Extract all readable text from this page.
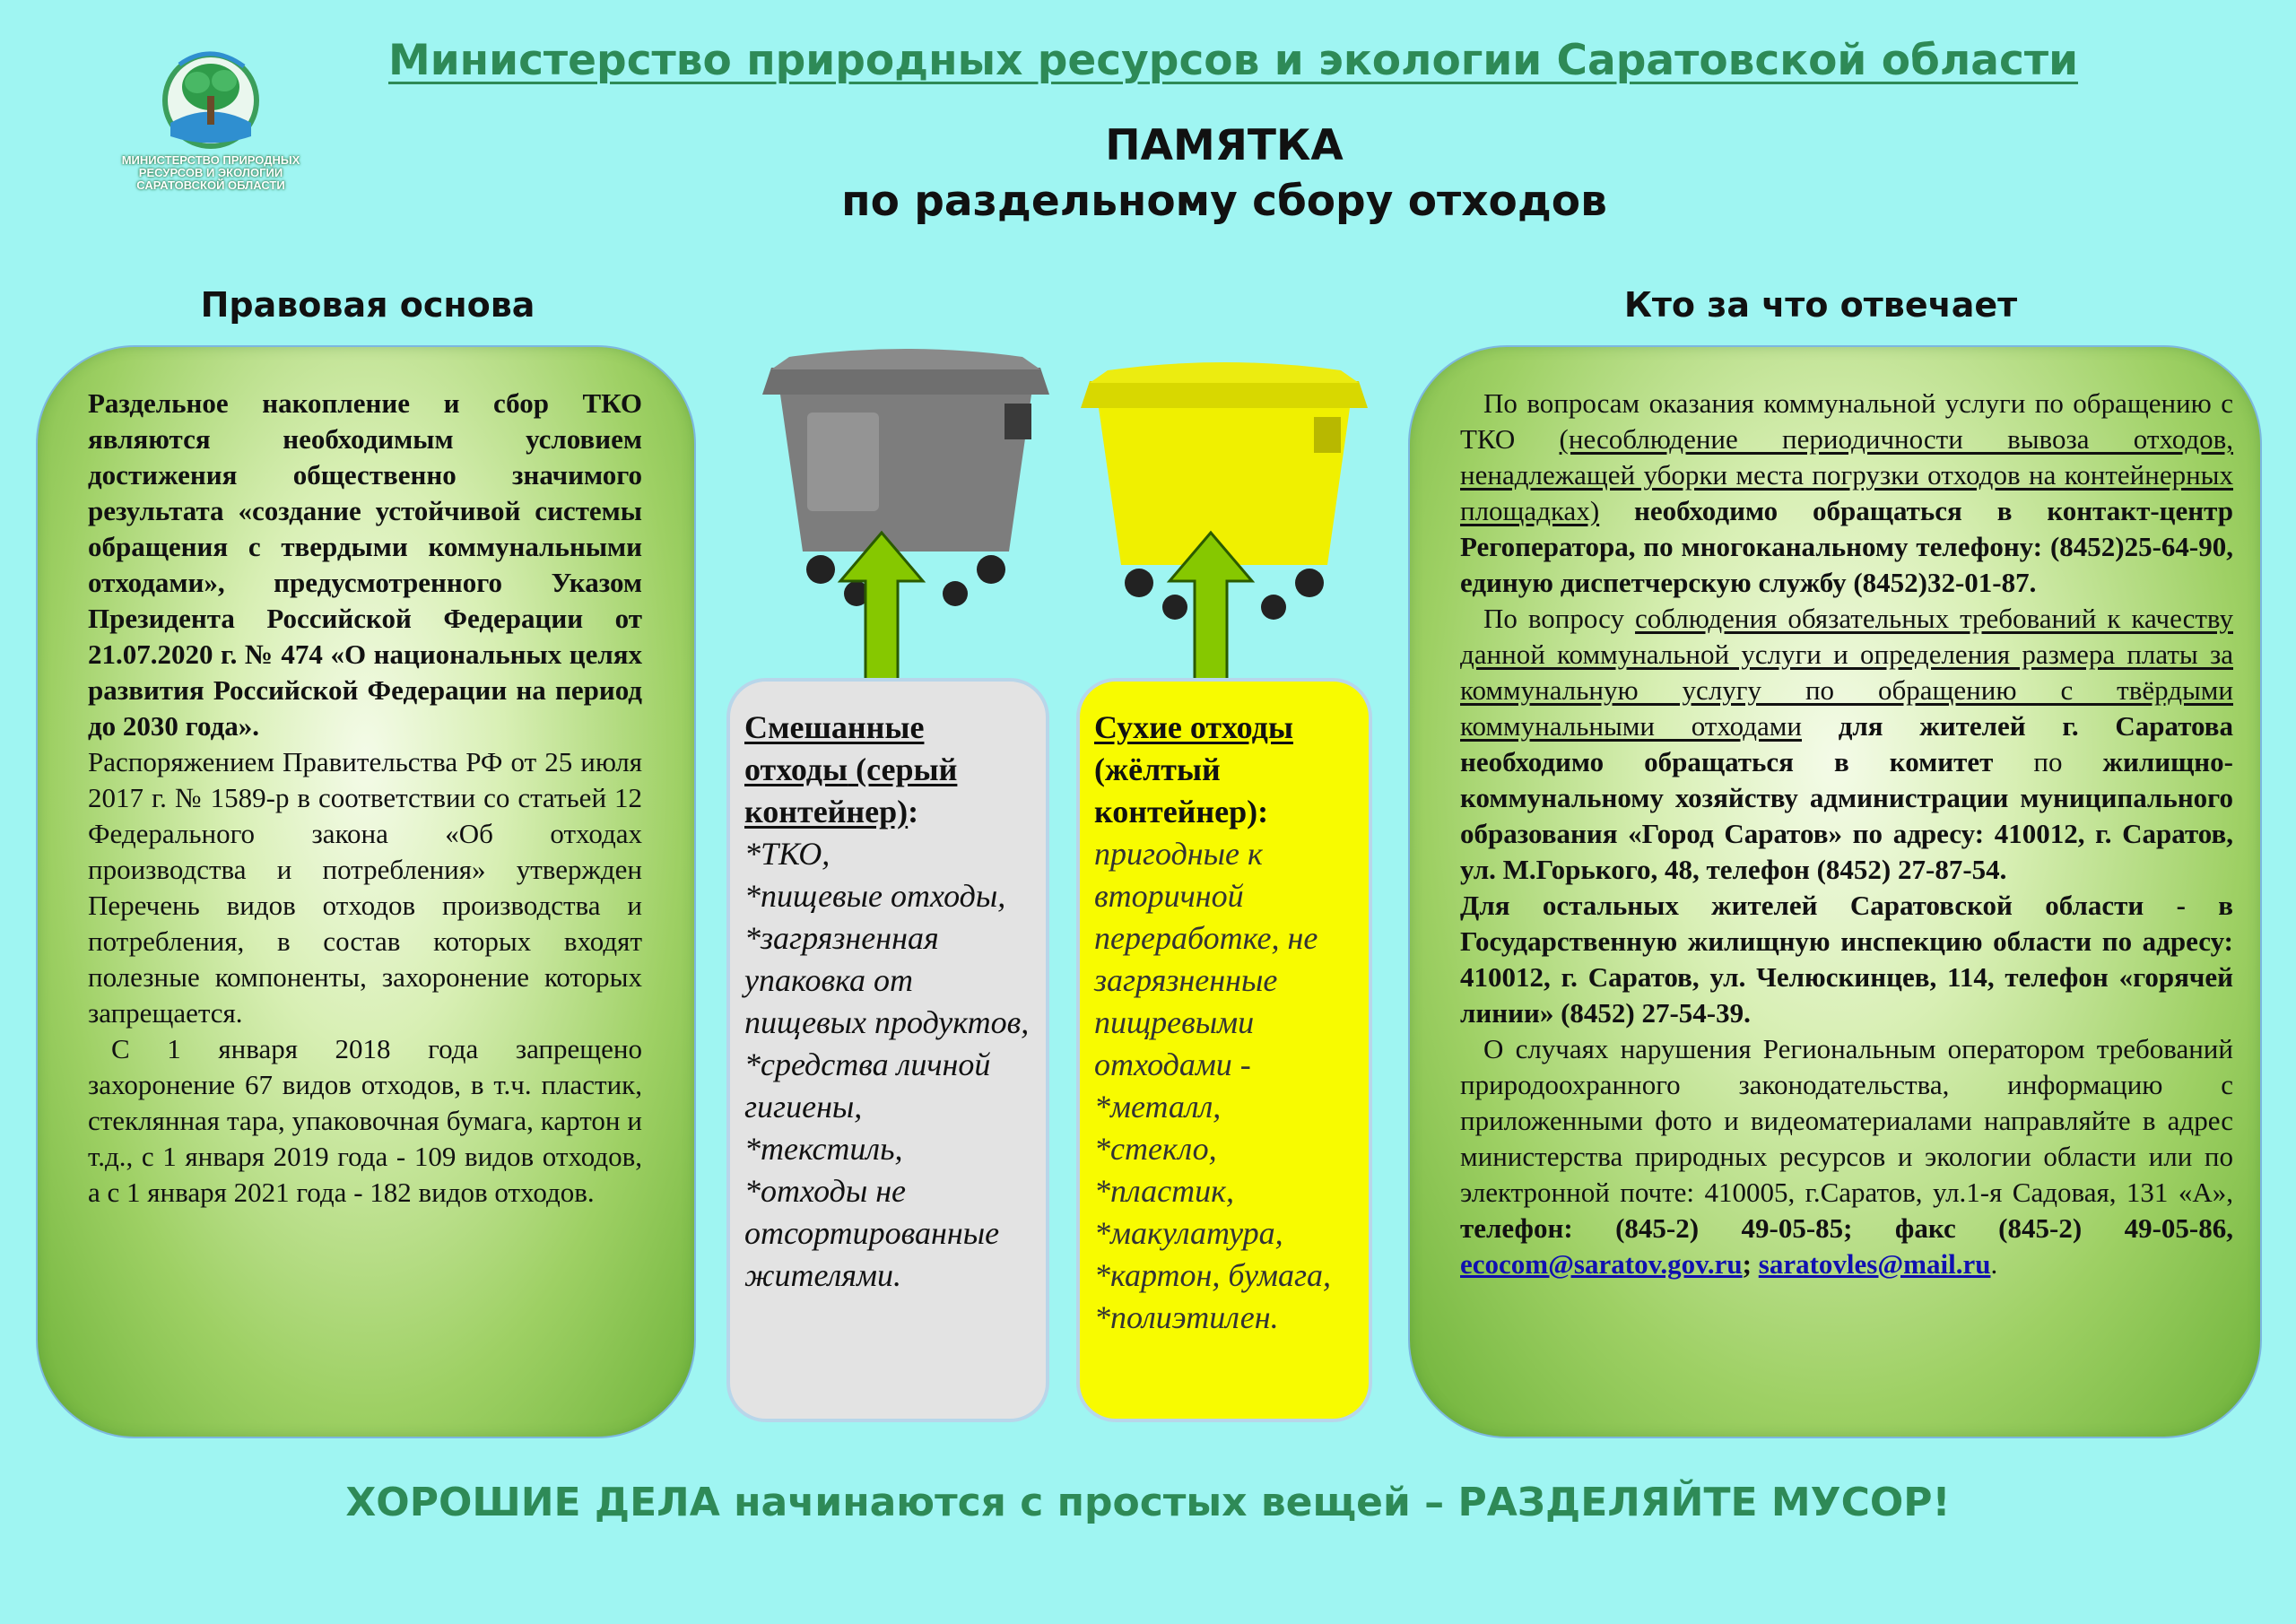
МИНИСТЕРСТВО ПРИРОДНЫХ
РЕСУРСОВ И ЭКОЛОГИИ
САРАТОВСКОЙ ОБЛАСТИ
Министерство природных ресурсов и экологии Саратовской области
ПАМЯТКА
по раздельному сбору отходов
Правовая основа	Кто за что отвечает

Раздельное накопление и сбор ТКО являются необходимым условием достижения общественно значимого результата «создание устойчивой системы обращения с твердыми коммунальными отходами», предусмотренного Указом Президента Российской Федерации от 21.07.2020 г. № 474 «О национальных целях развития Российской Федерации на период до 2030 года».

Распоряжением Правительства РФ от 25 июля 2017 г. № 1589-р в соответствии со статьей 12 Федерального закона «Об отходах производства и потребления» утвержден Перечень видов отходов производства и потребления, в состав которых входят полезные компоненты, захоронение которых запрещается.

С 1 января 2018 года запрещено захоронение 67 видов отходов, в т.ч. пластик, стеклянная тара, упаковочная бумага, картон и т.д., с 1 января 2019 года - 109 видов отходов, а с 1 января 2021 года - 182 видов отходов.

По вопросам оказания коммунальной услуги по обращению с ТКО (несоблюдение периодичности вывоза отходов, ненадлежащей уборки места погрузки отходов на контейнерных площадках) необходимо обращаться в контакт-центр Регоператора, по многоканальному телефону: (8452)25-64-90, единую диспетчерскую службу (8452)32-01-87.

По вопросу соблюдения обязательных требований к качеству данной коммунальной услуги и определения размера платы за коммунальную услугу по обращению с твёрдыми коммунальными отходами для жителей г. Саратова необходимо обращаться в комитет по жилищно-коммунальному хозяйству администрации муниципального образования «Город Саратов» по адресу: 410012, г. Саратов, ул. М.Горького, 48, телефон (8452) 27-87-54.

Для остальных жителей Саратовской области - в Государственную жилищную инспекцию области по адресу: 410012, г. Саратов, ул. Челюскинцев, 114, телефон «горячей линии» (8452) 27-54-39.

О случаях нарушения Региональным оператором требований природоохранного законодательства, информацию с приложенными фото и видеоматериалами направляйте в адрес министерства природных ресурсов и экологии области или по электронной почте: 410005, г.Саратов, ул.1-я Садовая, 131 «А», телефон: (845-2) 49-05-85; факс (845-2) 49-05-86, ecocom@saratov.gov.ru; saratovles@mail.ru.

Смешанные отходы (серый контейнер):
*ТКО,
*пищевые отходы,
*загрязненная упаковка от пищевых продуктов,
*средства личной гигиены,
*текстиль,
*отходы не отсортированные жителями.
Сухие отходы (жёлтый контейнер):
пригодные к вторичной переработке, не загрязненные пищревыми отходами -
*металл,
*стекло,
*пластик,
*макулатура,
*картон, бумага,
*полиэтилен.
ХОРОШИЕ ДЕЛА начинаются с простых вещей – РАЗДЕЛЯЙТЕ МУСОР!
